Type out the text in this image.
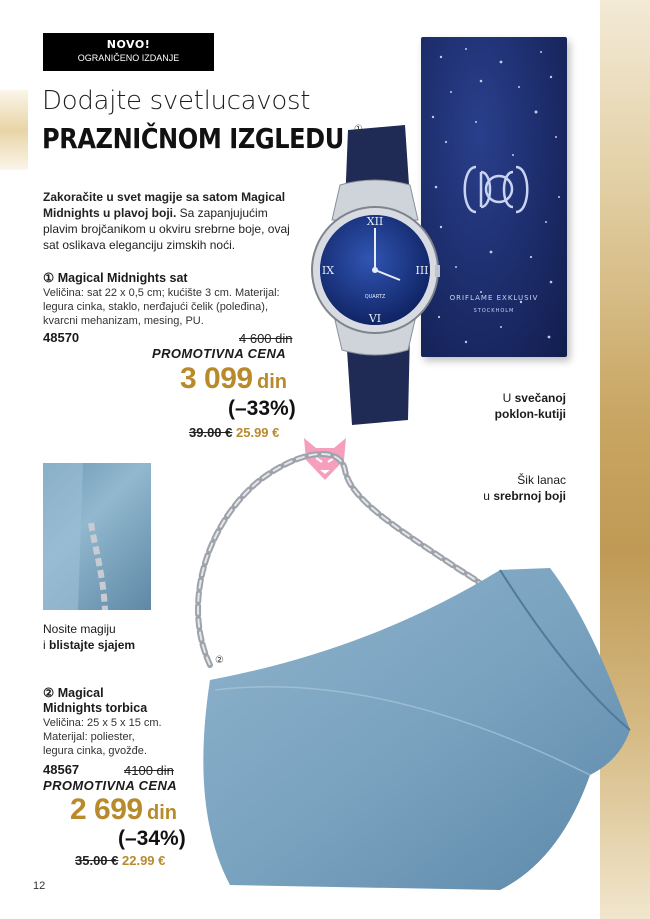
NOVO!
OGRANIČENO IZDANJE
Dodajte svetlucavost
PRAZNIČNOM IZGLEDU
Zakoračite u svet magije sa satom Magical Midnights u plavoj boji. Sa zapanjujućim plavim brojčanikom u okviru srebrne boje, ovaj sat oslikava eleganciju zimskih noći.
① Magical Midnights sat
Veličina: sat 22 x 0,5 cm; kućište 3 cm. Materijal: legura cinka, staklo, nerđajući čelik (poleđina), kvarcni mehanizam, mesing, PU.
48570	4 600 din
PROMOTIVNA CENA
3 099 din
(–33%)
39.00 € 25.99 €
ORIFLAME EXKLUSIV
STOCKHOLM
XII
III
VI
IX
QUARTZ
①
U svečanoj
poklon-kutiji
Šik lanac
u srebrnoj boji
②
Nosite magiju
i blistajte sjajem
② Magical
Midnights torbica
Veličina: 25 x 5 x 15 cm. Materijal: poliester, legura cinka, gvožđe.
48567	4100 din
PROMOTIVNA CENA
2 699 din
(–34%)
35.00 € 22.99 €
12
